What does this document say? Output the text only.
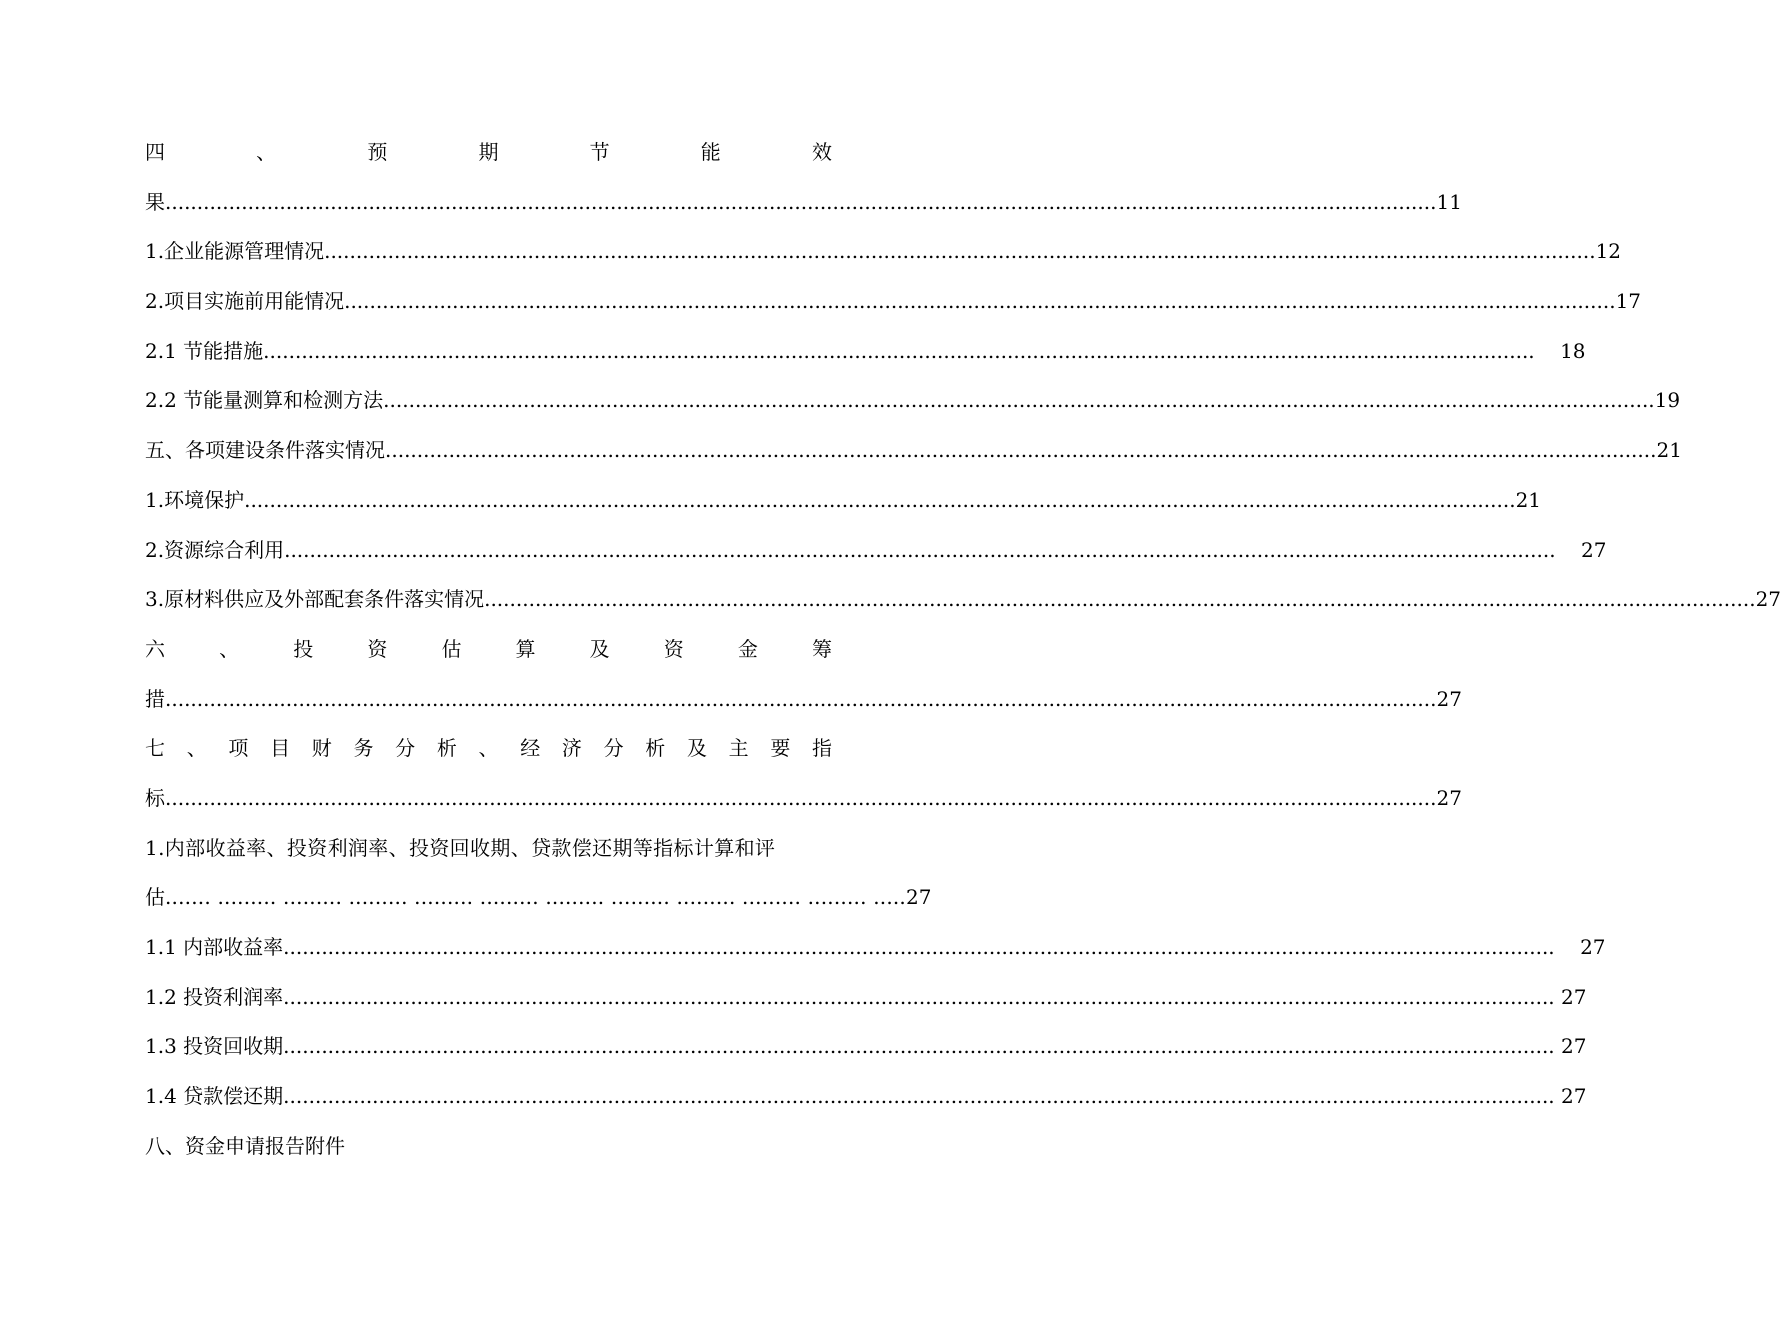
四	、	预	期	节	能	效
果 ........................................................................................................................................................................................................ 11
1.企业能源管理情况 ........................................................................................................................................................................................................ 12
2.项目实施前用能情况 ........................................................................................................................................................................................................ 17
2.1 节能措施 ........................................................................................................................................................................................................ 18
2.2 节能量测算和检测方法 ........................................................................................................................................................................................................ 19
五、各项建设条件落实情况 ........................................................................................................................................................................................................ 21
1.环境保护 ........................................................................................................................................................................................................ 21
2.资源综合利用 ........................................................................................................................................................................................................ 27
3.原材料供应及外部配套条件落实情况 ........................................................................................................................................................................................................ 27
六	、	投	资	估	算	及	资	金	筹
措 ........................................................................................................................................................................................................ 27
七 、 项 目 财 务 分 析 、 经 济 分 析 及 主 要 指
标 ........................................................................................................................................................................................................ 27
1.内部收益率、投资利润率、投资回收期、贷款偿还期等指标计算和评
估 ....... ......... ......... ......... ......... ......... ......... ......... ......... ......... ......... ..... 27
1.1 内部收益率 ........................................................................................................................................................................................................ 27
1.2 投资利润率 ........................................................................................................................................................................................................ 27
1.3 投资回收期 ........................................................................................................................................................................................................ 27
1.4 贷款偿还期 ........................................................................................................................................................................................................ 27
八、资金申请报告附件
